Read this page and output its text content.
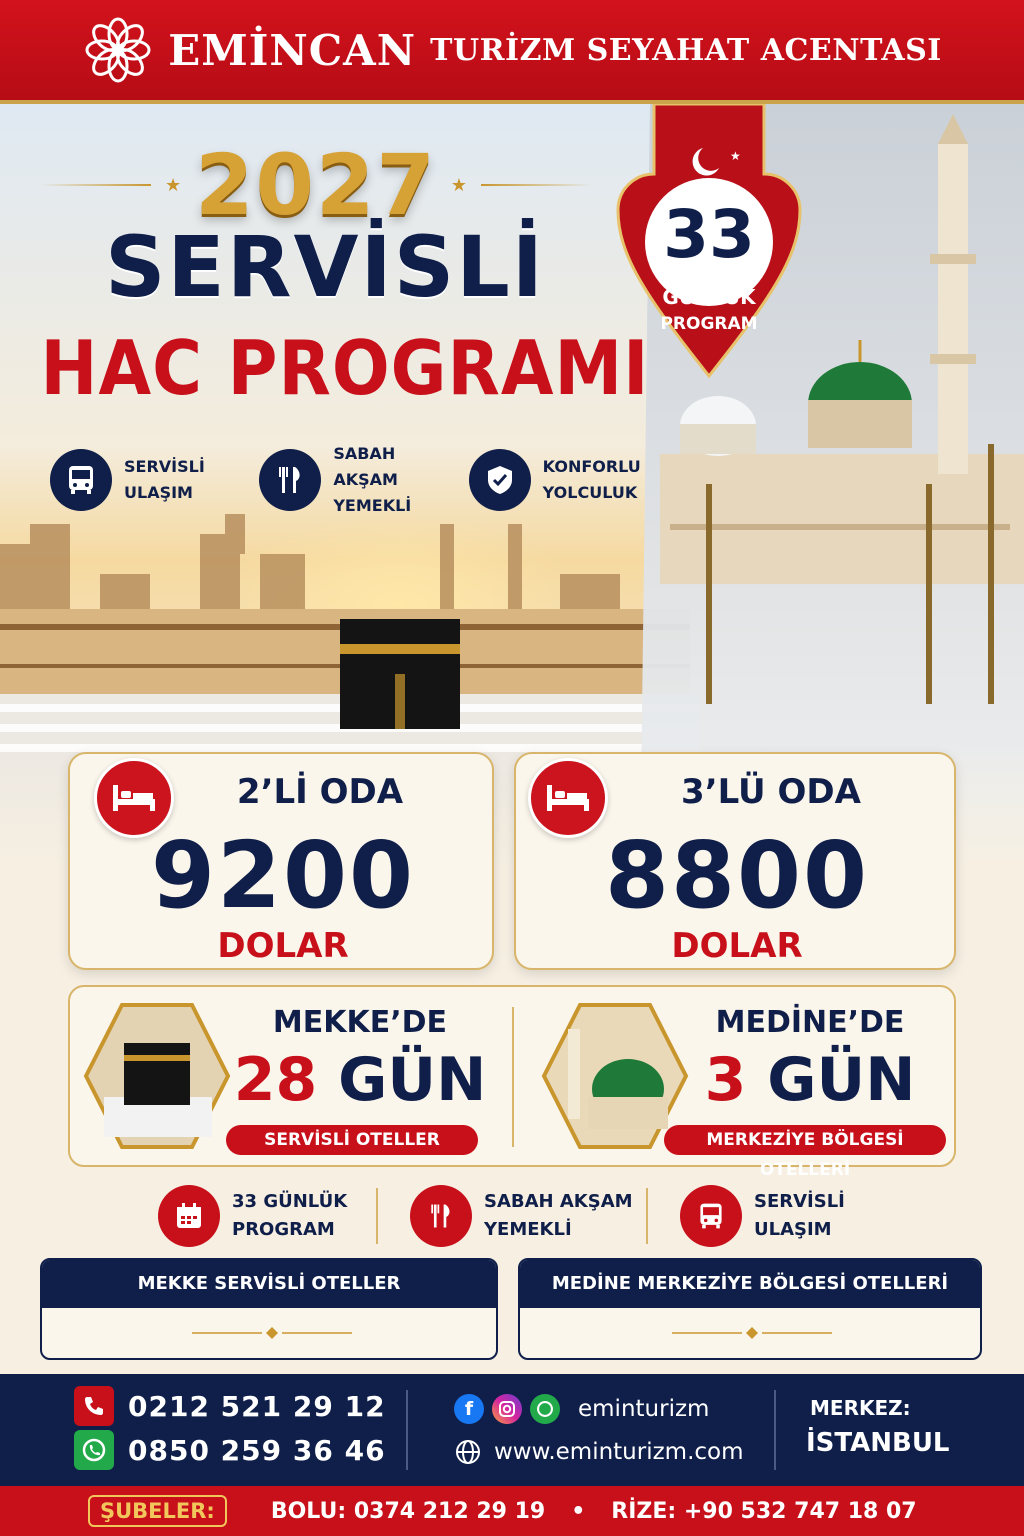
EMİNCAN TURİZM SEYAHAT ACENTASI
★ 2027 ★
SERVİSLİ
HAC PROGRAMI
SERVİSLİ
ULAŞIM
SABAH AKŞAM
YEMEKLİ
KONFORLU
YOLCULUK
★
33
GÜNLÜK
PROGRAM
2’Lİ ODA
9200
DOLAR
3’LÜ ODA
8800
DOLAR
MEKKE’DE
28 GÜN
SERVİSLİ OTELLER
MEDİNE’DE
3 GÜN
MERKEZİYE BÖLGESİ OTELLERİ
33 GÜNLÜK
PROGRAM
SABAH AKŞAM
YEMEKLİ
SERVİSLİ
ULAŞIM
MEKKE SERVİSLİ OTELLER	MEDİNE MERKEZİYE BÖLGESİ OTELLERİ
0212 521 29 12
0850 259 36 46
f	eminturizm
www.eminturizm.com
MERKEZ:
İSTANBUL
ŞUBELER:	BOLU: 0374 212 29 19 • RİZE: +90 532 747 18 07
